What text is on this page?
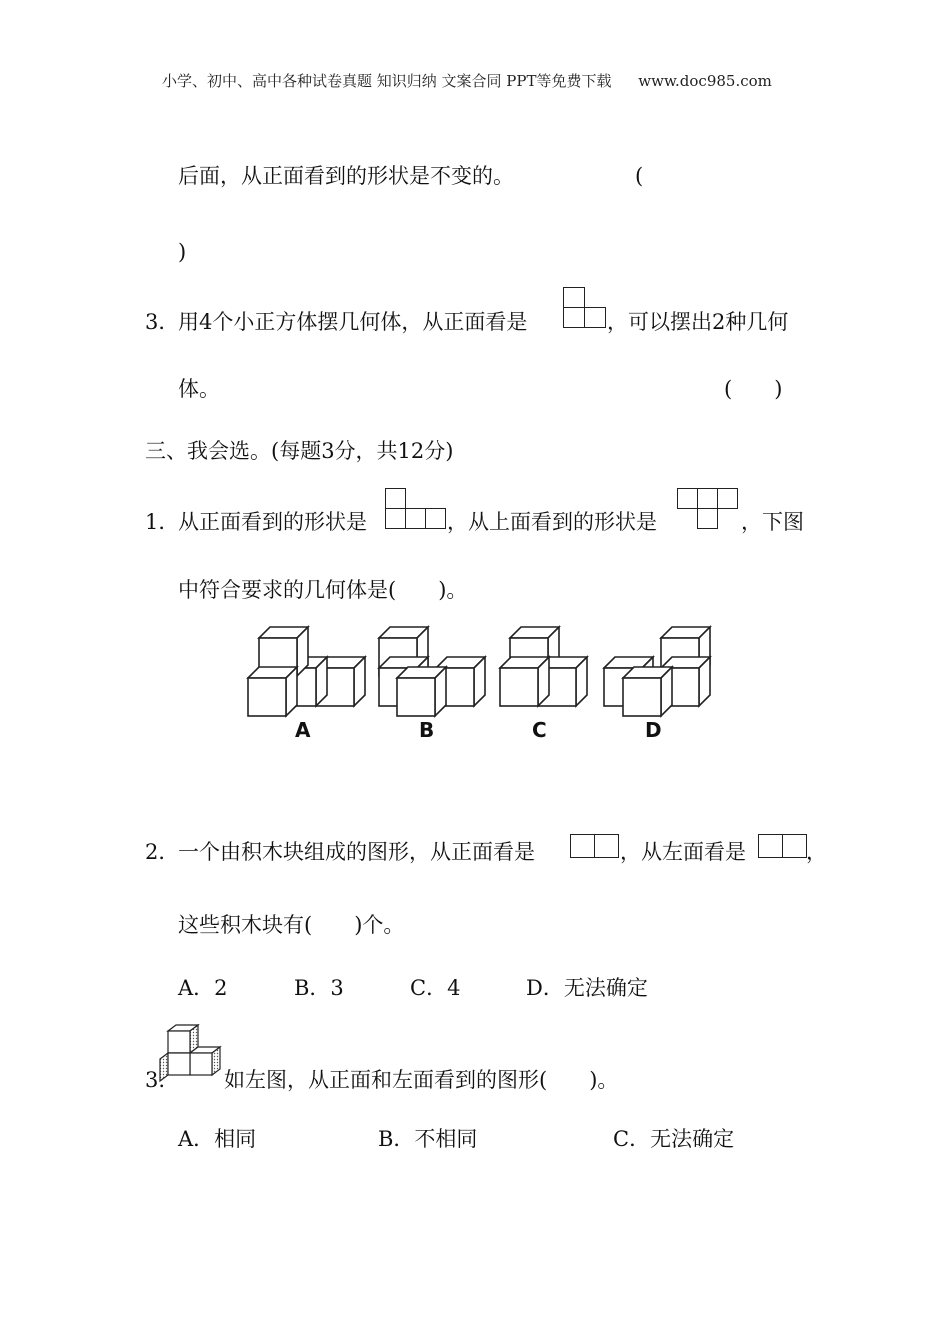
小学、初中、高中各种试卷真题 知识归纳 文案合同 PPT等免费下载 www.doc985.com
后面，从正面看到的形状是不变的。	(
)
3．
用4个小正方体摆几何体，从正面看是	，可以摆出2种几何
体。	(　　)
三、我会选。(每题3分，共12分)
1．
从正面看到的形状是	，从上面看到的形状是	，下图
中符合要求的几何体是(　　)。
A	B	C	D
2．
一个由积木块组成的图形，从正面看是	，从左面看是	，
这些积木块有(　　)个。
A．2	B．3	C．4	D．无法确定
3.	如左图，从正面和左面看到的图形(　　)。
A．相同	B．不相同	C．无法确定
